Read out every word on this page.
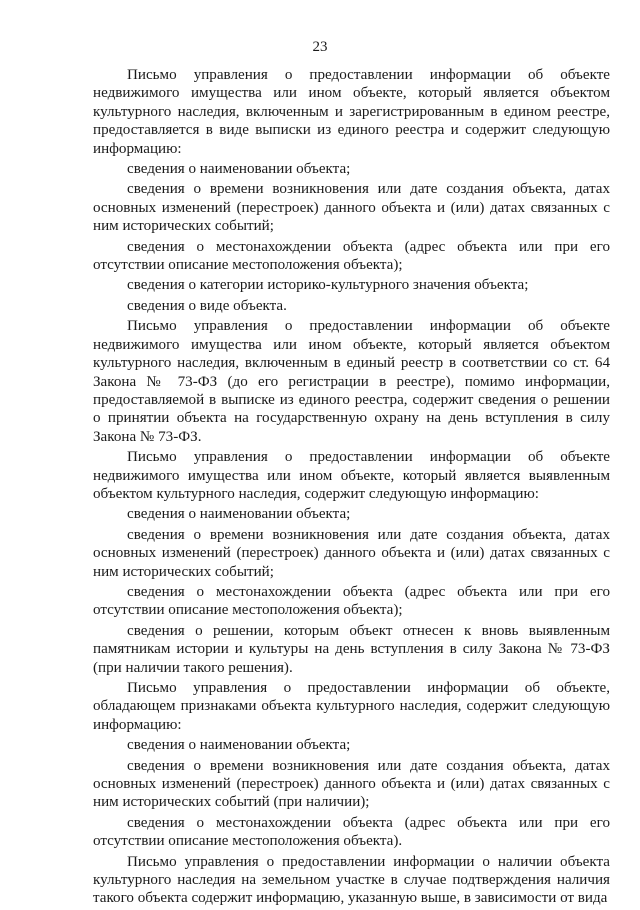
23

Письмо управления о предоставлении информации об объекте недвижимого имущества или ином объекте, который является объектом культурного наследия, включенным и зарегистрированным в едином реестре, предоставляется в виде выписки из единого реестра и содержит следующую информацию:

сведения о наименовании объекта;

сведения о времени возникновения или дате создания объекта, датах основных изменений (перестроек) данного объекта и (или) датах связанных с ним исторических событий;

сведения о местонахождении объекта (адрес объекта или при его отсутствии описание местоположения объекта);

сведения о категории историко-культурного значения объекта;

сведения о виде объекта.

Письмо управления о предоставлении информации об объекте недвижимого имущества или ином объекте, который является объектом культурного наследия, включенным в единый реестр в соответствии со ст. 64 Закона № 73-ФЗ (до его регистрации в реестре), помимо информации, предоставляемой в выписке из единого реестра, содержит сведения о решении о принятии объекта на государственную охрану на день вступления в силу Закона № 73-ФЗ.

Письмо управления о предоставлении информации об объекте недвижимого имущества или ином объекте, который является выявленным объектом культурного наследия, содержит следующую информацию:

сведения о наименовании объекта;

сведения о времени возникновения или дате создания объекта, датах основных изменений (перестроек) данного объекта и (или) датах связанных с ним исторических событий;

сведения о местонахождении объекта (адрес объекта или при его отсутствии описание местоположения объекта);

сведения о решении, которым объект отнесен к вновь выявленным памятникам истории и культуры на день вступления в силу Закона № 73-ФЗ (при наличии такого решения).

Письмо управления о предоставлении информации об объекте, обладающем признаками объекта культурного наследия, содержит следующую информацию:

сведения о наименовании объекта;

сведения о времени возникновения или дате создания объекта, датах основных изменений (перестроек) данного объекта и (или) датах связанных с ним исторических событий (при наличии);

сведения о местонахождении объекта (адрес объекта или при его отсутствии описание местоположения объекта).

Письмо управления о предоставлении информации о наличии объекта культурного наследия на земельном участке в случае подтверждения наличия такого объекта содержит информацию, указанную выше, в зависимости от вида
